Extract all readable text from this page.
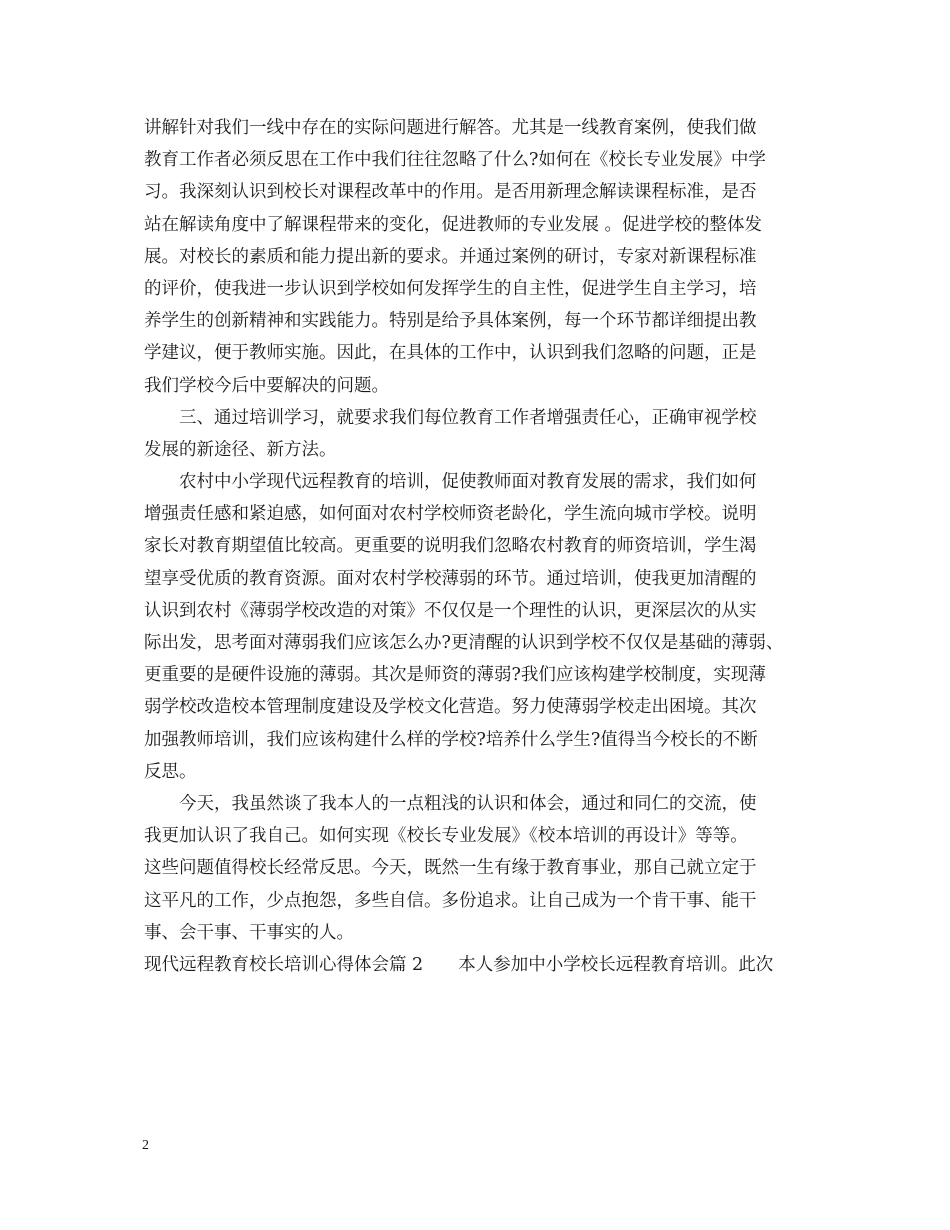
讲解针对我们一线中存在的实际问题进行解答。尤其是一线教育案例，使我们做
教育工作者必须反思在工作中我们往往忽略了什么?如何在《校长专业发展》中学
习。我深刻认识到校长对课程改革中的作用。是否用新理念解读课程标准，是否
站在解读角度中了解课程带来的变化，促进教师的专业发展 。促进学校的整体发
展。对校长的素质和能力提出新的要求。并通过案例的研讨，专家对新课程标准
的评价，使我进一步认识到学校如何发挥学生的自主性，促进学生自主学习，培
养学生的创新精神和实践能力。特别是给予具体案例，每一个环节都详细提出教
学建议，便于教师实施。因此，在具体的工作中，认识到我们忽略的问题，正是
我们学校今后中要解决的问题。
三、通过培训学习，就要求我们每位教育工作者增强责任心，正确审视学校
发展的新途径、新方法。
农村中小学现代远程教育的培训，促使教师面对教育发展的需求，我们如何
增强责任感和紧迫感，如何面对农村学校师资老龄化，学生流向城市学校。说明
家长对教育期望值比较高。更重要的说明我们忽略农村教育的师资培训，学生渴
望享受优质的教育资源。面对农村学校薄弱的环节。通过培训，使我更加清醒的
认识到农村《薄弱学校改造的对策》不仅仅是一个理性的认识，更深层次的从实
际出发，思考面对薄弱我们应该怎么办?更清醒的认识到学校不仅仅是基础的薄弱、
更重要的是硬件设施的薄弱。其次是师资的薄弱?我们应该构建学校制度，实现薄
弱学校改造校本管理制度建设及学校文化营造。努力使薄弱学校走出困境。其次
加强教师培训，我们应该构建什么样的学校?培养什么学生?值得当今校长的不断
反思。
今天，我虽然谈了我本人的一点粗浅的认识和体会，通过和同仁的交流，使
我更加认识了我自己。如何实现《校长专业发展》《校本培训的再设计》等等。
这些问题值得校长经常反思。今天，既然一生有缘于教育事业，那自己就立定于
这平凡的工作，少点抱怨，多些自信。多份追求。让自己成为一个肯干事、能干
事、会干事、干事实的人。
现代远程教育校长培训心得体会篇 2　　本人参加中小学校长远程教育培训。此次
2
